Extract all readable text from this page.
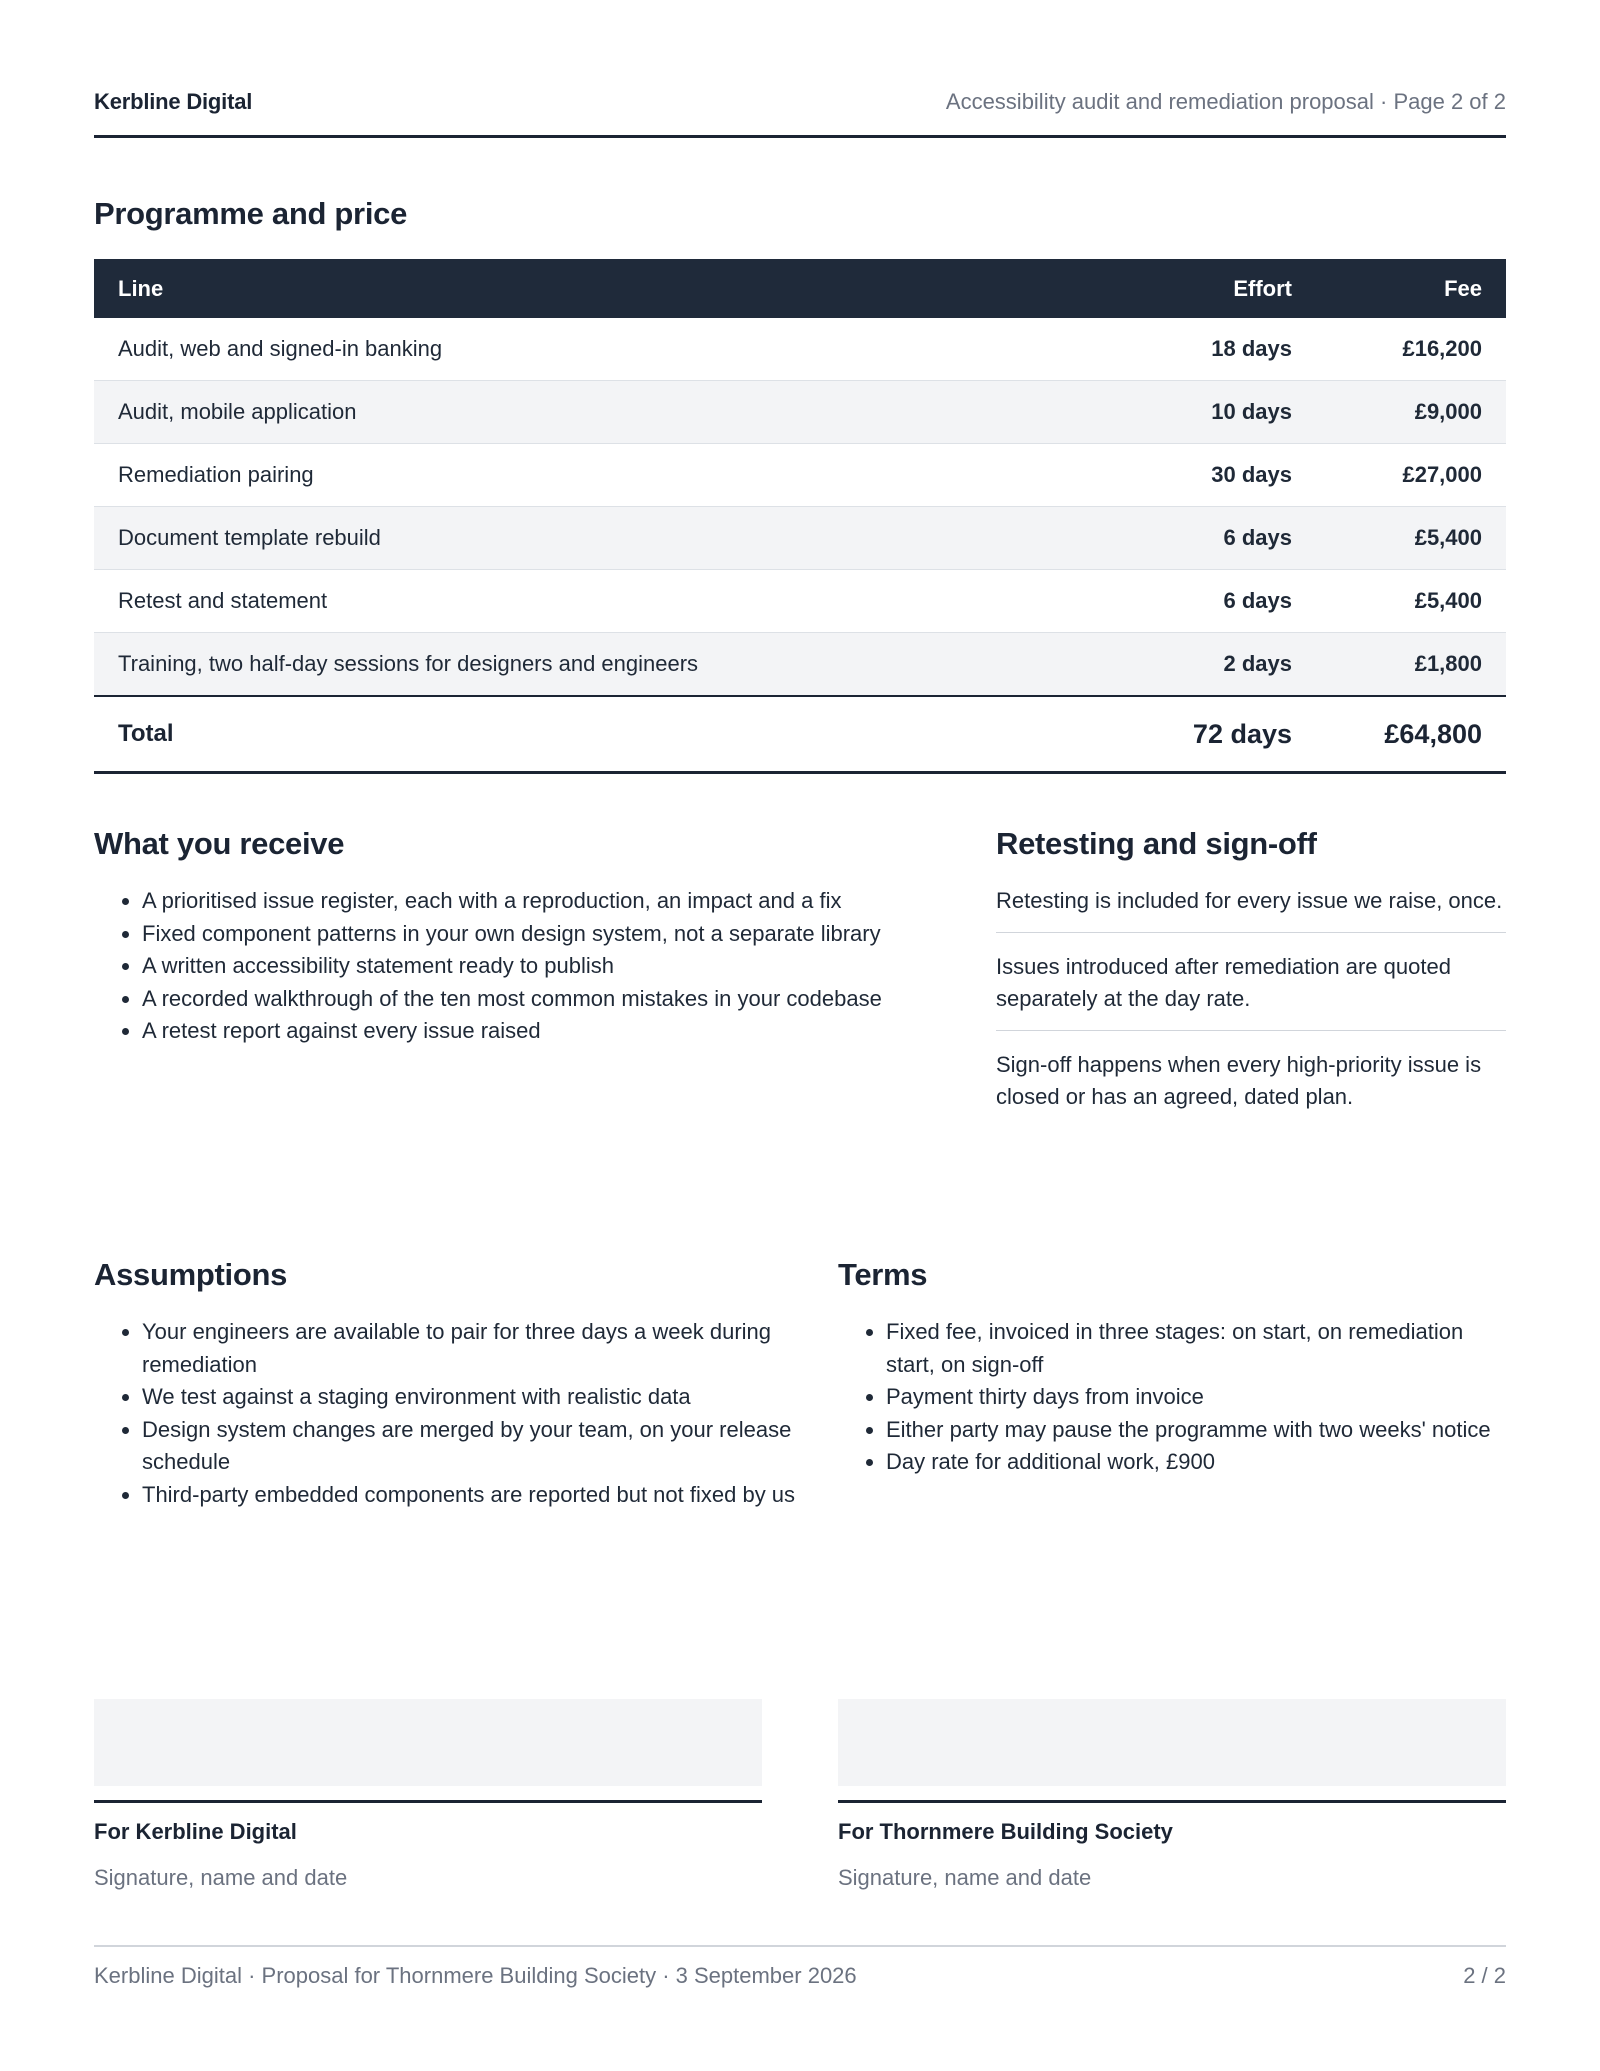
Kerbline Digital	Accessibility audit and remediation proposal · Page 2 of 2
Programme and price
Line	Effort	Fee
Audit, web and signed-in banking	18 days	£16,200
Audit, mobile application	10 days	£9,000
Remediation pairing	30 days	£27,000
Document template rebuild	6 days	£5,400
Retest and statement	6 days	£5,400
Training, two half-day sessions for designers and engineers	2 days	£1,800
Total	72 days	£64,800
What you receive
• A prioritised issue register, each with a reproduction, an impact and a fix
• Fixed component patterns in your own design system, not a separate library
• A written accessibility statement ready to publish
• A recorded walkthrough of the ten most common mistakes in your codebase
• A retest report against every issue raised
Retesting and sign-off

Retesting is included for every issue we raise, once.

Issues introduced after remediation are quoted separately at the day rate.

Sign-off happens when every high-priority issue is closed or has an agreed, dated plan.

Assumptions
• Your engineers are available to pair for three days a week during remediation
• We test against a staging environment with realistic data
• Design system changes are merged by your team, on your release schedule
• Third-party embedded components are reported but not fixed by us
Terms
• Fixed fee, invoiced in three stages: on start, on remediation start, on sign-off
• Payment thirty days from invoice
• Either party may pause the programme with two weeks' notice
• Day rate for additional work, £900
For Kerbline Digital
Signature, name and date
For Thornmere Building Society
Signature, name and date
Kerbline Digital · Proposal for Thornmere Building Society · 3 September 2026	2 / 2
